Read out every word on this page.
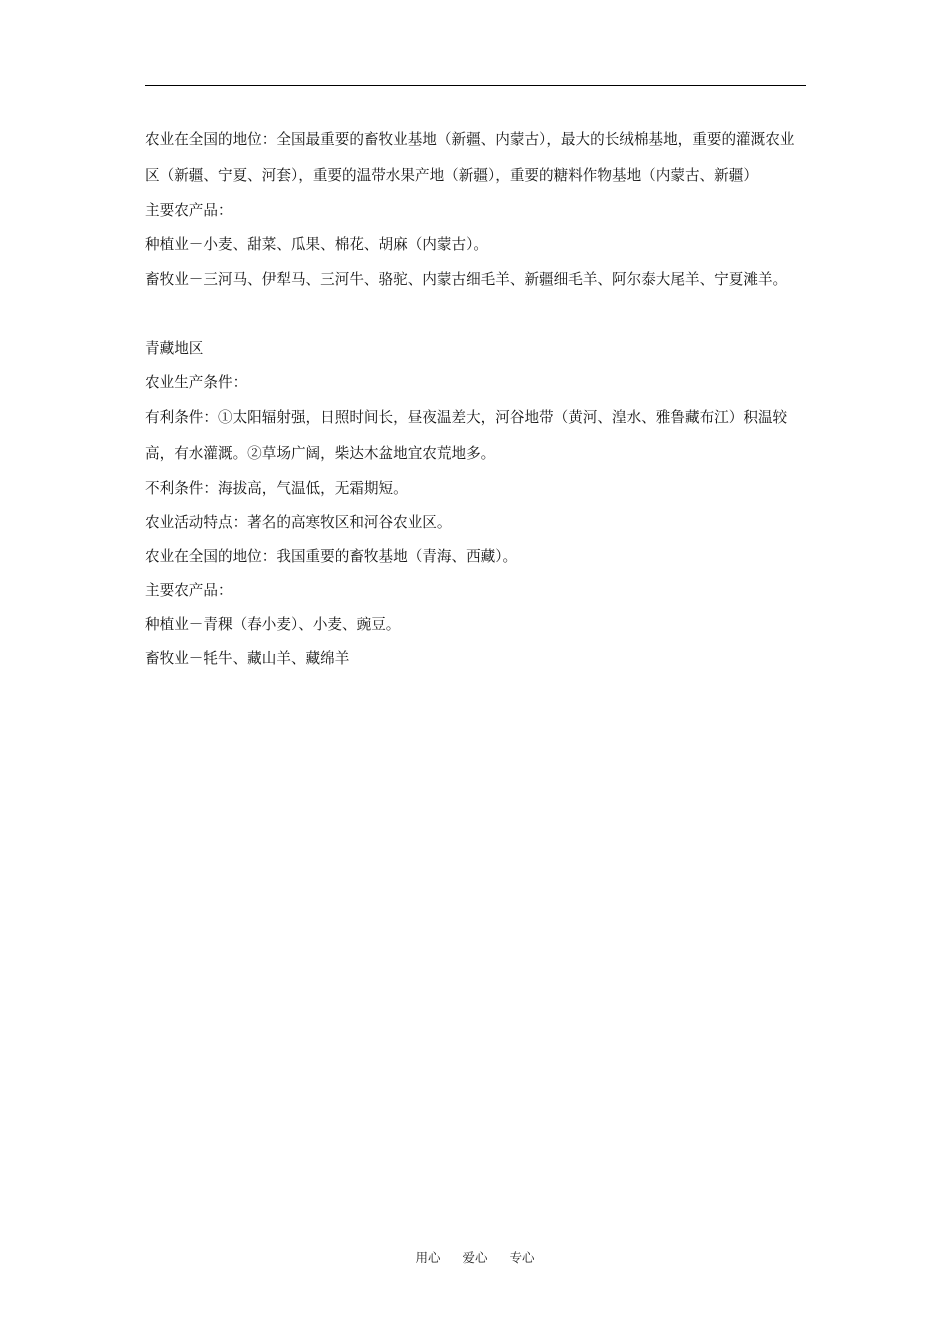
农业在全国的地位：全国最重要的畜牧业基地（新疆、内蒙古），最大的长绒棉基地，重要的灌溉农业区（新疆、宁夏、河套），重要的温带水果产地（新疆），重要的糖料作物基地（内蒙古、新疆）

主要农产品：

种植业－小麦、甜菜、瓜果、棉花、胡麻（内蒙古）。

畜牧业－三河马、伊犁马、三河牛、骆驼、内蒙古细毛羊、新疆细毛羊、阿尔泰大尾羊、宁夏滩羊。

青藏地区

农业生产条件：

有利条件：①太阳辐射强，日照时间长，昼夜温差大，河谷地带（黄河、湟水、雅鲁藏布江）积温较高，有水灌溉。②草场广阔，柴达木盆地宜农荒地多。

不利条件：海拔高，气温低，无霜期短。

农业活动特点：著名的高寒牧区和河谷农业区。

农业在全国的地位：我国重要的畜牧基地（青海、西藏）。

主要农产品：

种植业－青稞（春小麦）、小麦、豌豆。

畜牧业－牦牛、藏山羊、藏绵羊

用心 爱心 专心
